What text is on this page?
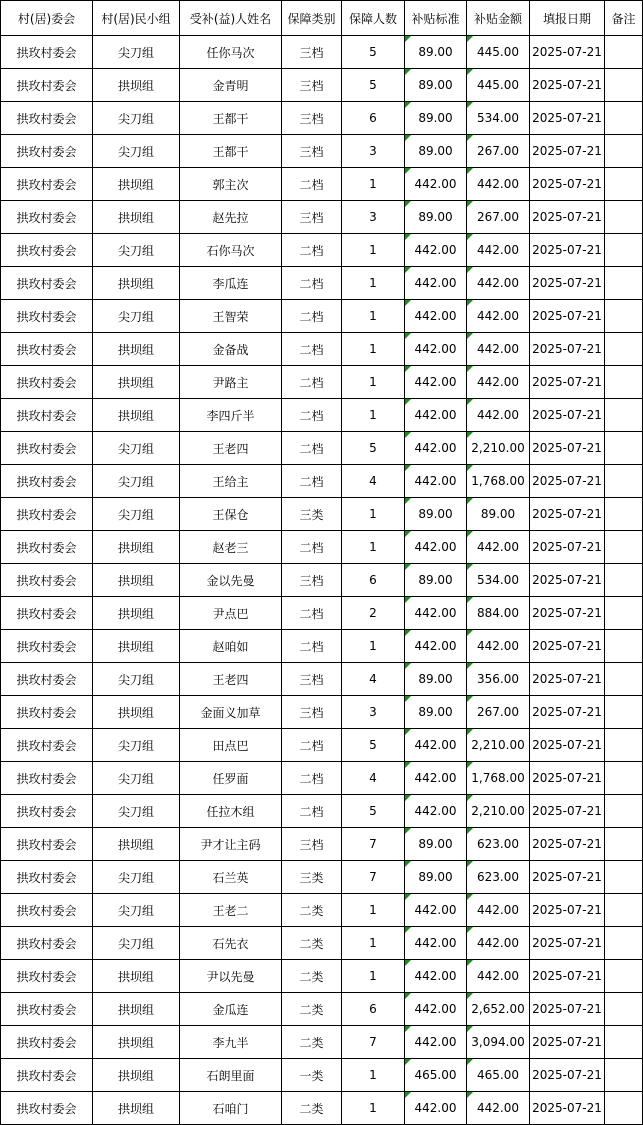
村(居)委会	村(居)民小组	受补(益)人姓名	保障类别	保障人数	补贴标准	补贴金额	填报日期	备注
拱玫村委会	尖刀组	任你马次	三档	5	89.00	445.00	2025-07-21	
拱玫村委会	拱坝组	金青明	三档	5	89.00	445.00	2025-07-21	
拱玫村委会	尖刀组	王都干	三档	6	89.00	534.00	2025-07-21	
拱玫村委会	尖刀组	王都干	三档	3	89.00	267.00	2025-07-21	
拱玫村委会	拱坝组	郭主次	二档	1	442.00	442.00	2025-07-21	
拱玫村委会	拱坝组	赵先拉	三档	3	89.00	267.00	2025-07-21	
拱玫村委会	尖刀组	石你马次	二档	1	442.00	442.00	2025-07-21	
拱玫村委会	拱坝组	李瓜连	二档	1	442.00	442.00	2025-07-21	
拱玫村委会	尖刀组	王智荣	二档	1	442.00	442.00	2025-07-21	
拱玫村委会	拱坝组	金备战	二档	1	442.00	442.00	2025-07-21	
拱玫村委会	拱坝组	尹路主	二档	1	442.00	442.00	2025-07-21	
拱玫村委会	拱坝组	李四斤半	二档	1	442.00	442.00	2025-07-21	
拱玫村委会	尖刀组	王老四	二档	5	442.00	2,210.00	2025-07-21	
拱玫村委会	尖刀组	王给主	二档	4	442.00	1,768.00	2025-07-21	
拱玫村委会	尖刀组	王保仓	三类	1	89.00	89.00	2025-07-21	
拱玫村委会	拱坝组	赵老三	二档	1	442.00	442.00	2025-07-21	
拱玫村委会	拱坝组	金以先曼	三档	6	89.00	534.00	2025-07-21	
拱玫村委会	拱坝组	尹点巴	二档	2	442.00	884.00	2025-07-21	
拱玫村委会	拱坝组	赵咱如	二档	1	442.00	442.00	2025-07-21	
拱玫村委会	尖刀组	王老四	三档	4	89.00	356.00	2025-07-21	
拱玫村委会	拱坝组	金面义加草	三档	3	89.00	267.00	2025-07-21	
拱玫村委会	尖刀组	田点巴	二档	5	442.00	2,210.00	2025-07-21	
拱玫村委会	尖刀组	任罗面	二档	4	442.00	1,768.00	2025-07-21	
拱玫村委会	尖刀组	任拉木组	二档	5	442.00	2,210.00	2025-07-21	
拱玫村委会	拱坝组	尹才让主码	三档	7	89.00	623.00	2025-07-21	
拱玫村委会	尖刀组	石兰英	三类	7	89.00	623.00	2025-07-21	
拱玫村委会	尖刀组	王老二	二类	1	442.00	442.00	2025-07-21	
拱玫村委会	尖刀组	石先衣	二类	1	442.00	442.00	2025-07-21	
拱玫村委会	拱坝组	尹以先曼	二类	1	442.00	442.00	2025-07-21	
拱玫村委会	拱坝组	金瓜连	二类	6	442.00	2,652.00	2025-07-21	
拱玫村委会	拱坝组	李九半	二类	7	442.00	3,094.00	2025-07-21	
拱玫村委会	拱坝组	石朗里面	一类	1	465.00	465.00	2025-07-21	
拱玫村委会	拱坝组	石咱门	二类	1	442.00	442.00	2025-07-21	
